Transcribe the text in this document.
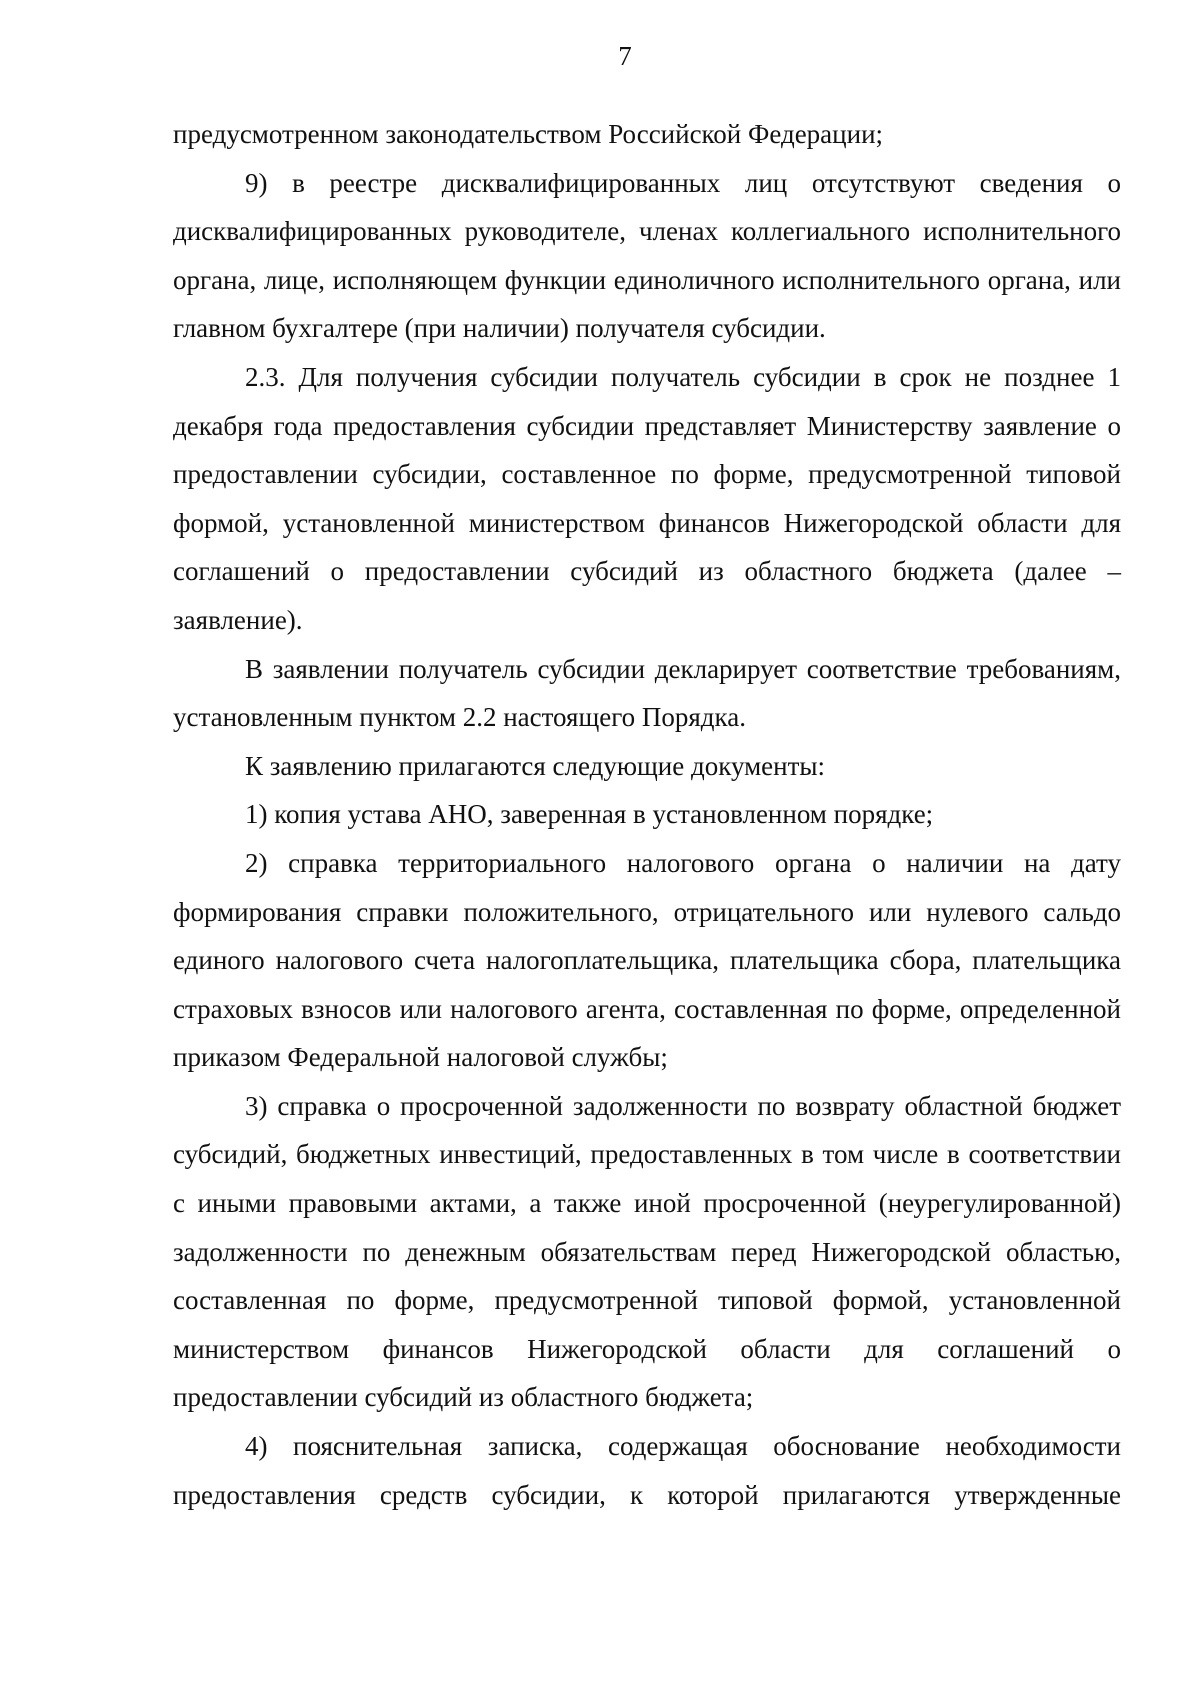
7

предусмотренном законодательством Российской Федерации;

9) в реестре дисквалифицированных лиц отсутствуют сведения о дисквалифицированных руководителе, членах коллегиального исполнительного органа, лице, исполняющем функции единоличного исполнительного органа, или главном бухгалтере (при наличии) получателя субсидии.

2.3. Для получения субсидии получатель субсидии в срок не позднее 1 декабря года предоставления субсидии представляет Министерству заявление о предоставлении субсидии, составленное по форме, предусмотренной типовой формой, установленной министерством финансов Нижегородской области для соглашений о предоставлении субсидий из областного бюджета (далее – заявление).

В заявлении получатель субсидии декларирует соответствие требованиям, установленным пунктом 2.2 настоящего Порядка.

К заявлению прилагаются следующие документы:

1) копия устава АНО, заверенная в установленном порядке;

2) справка территориального налогового органа о наличии на дату формирования справки положительного, отрицательного или нулевого сальдо единого налогового счета налогоплательщика, плательщика сбора, плательщика страховых взносов или налогового агента, составленная по форме, определенной приказом Федеральной налоговой службы;

3) справка о просроченной задолженности по возврату областной бюджет субсидий, бюджетных инвестиций, предоставленных в том числе в соответствии с иными правовыми актами, а также иной просроченной (неурегулированной) задолженности по денежным обязательствам перед Нижегородской областью, составленная по форме, предусмотренной типовой формой, установленной министерством финансов Нижегородской области для соглашений о предоставлении субсидий из областного бюджета;

4) пояснительная записка, содержащая обоснование необходимости предоставления средств субсидии, к которой прилагаются утвержденные
